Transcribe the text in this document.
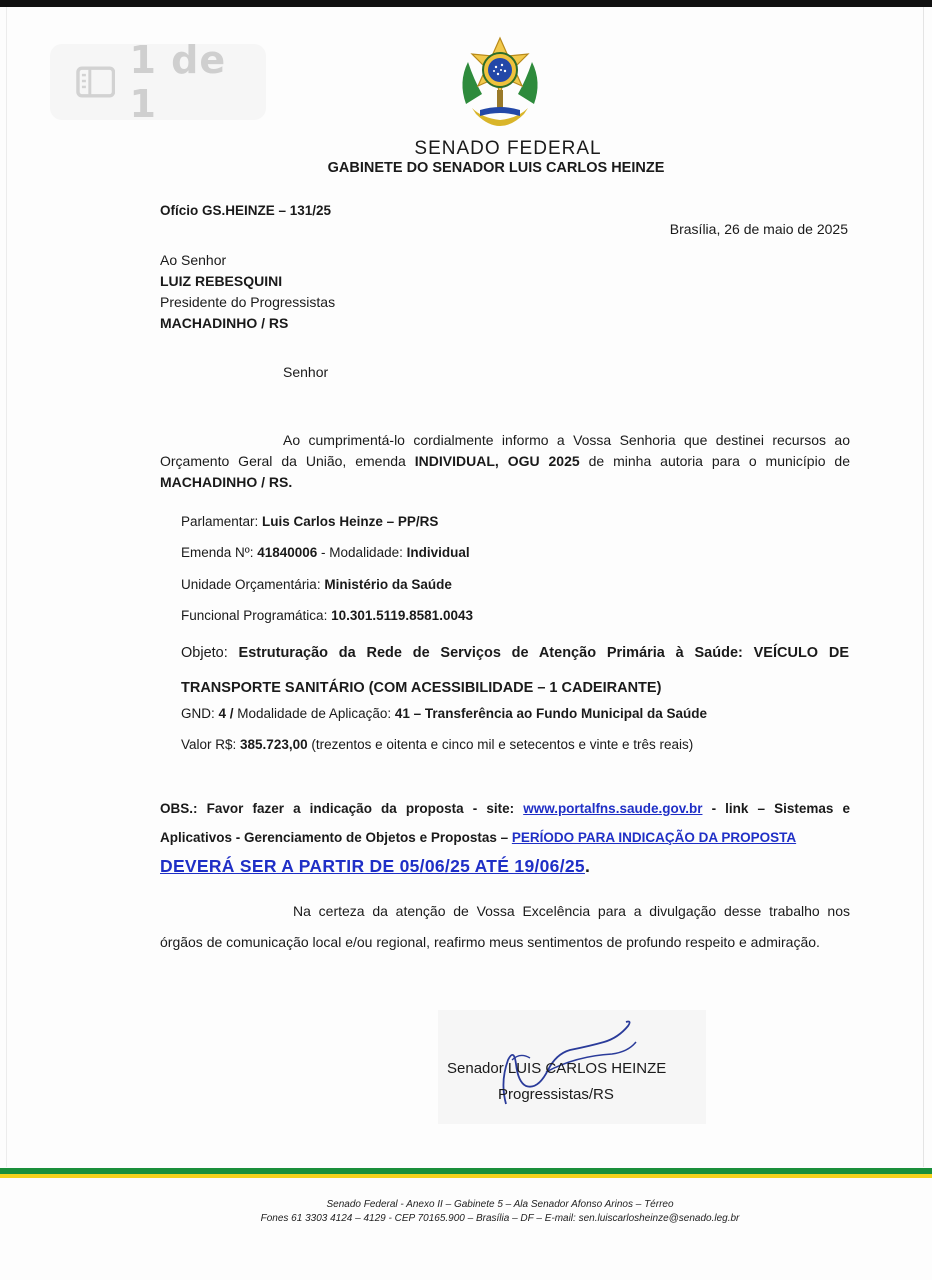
1 de 1
SENADO FEDERAL
GABINETE DO SENADOR LUIS CARLOS HEINZE
Ofício GS.HEINZE – 131/25
Brasília, 26 de maio de 2025
Ao Senhor
LUIZ REBESQUINI
Presidente do Progressistas
MACHADINHO / RS
Senhor
Ao cumprimentá-lo cordialmente informo a Vossa Senhoria que destinei recursos ao Orçamento Geral da União, emenda INDIVIDUAL, OGU 2025 de minha autoria para o município de MACHADINHO / RS.
Parlamentar: Luis Carlos Heinze – PP/RS
Emenda Nº: 41840006 - Modalidade: Individual
Unidade Orçamentária: Ministério da Saúde
Funcional Programática: 10.301.5119.8581.0043
Objeto: Estruturação da Rede de Serviços de Atenção Primária à Saúde: VEÍCULO DE TRANSPORTE SANITÁRIO (COM ACESSIBILIDADE – 1 CADEIRANTE)
GND: 4 / Modalidade de Aplicação: 41 – Transferência ao Fundo Municipal da Saúde
Valor R$: 385.723,00 (trezentos e oitenta e cinco mil e setecentos e vinte e três reais)
OBS.: Favor fazer a indicação da proposta - site: www.portalfns.saude.gov.br - link – Sistemas e Aplicativos - Gerenciamento de Objetos e Propostas – PERÍODO PARA INDICAÇÃO DA PROPOSTA
DEVERÁ SER A PARTIR DE 05/06/25 ATÉ 19/06/25.
Na certeza da atenção de Vossa Excelência para a divulgação desse trabalho nos órgãos de comunicação local e/ou regional, reafirmo meus sentimentos de profundo respeito e admiração.
Senador LUIS CARLOS HEINZE
Progressistas/RS
Senado Federal - Anexo II – Gabinete 5 – Ala Senador Afonso Arinos – Térreo
Fones 61 3303 4124 – 4129 - CEP 70165.900 – Brasília – DF – E-mail: sen.luiscarlosheinze@senado.leg.br
